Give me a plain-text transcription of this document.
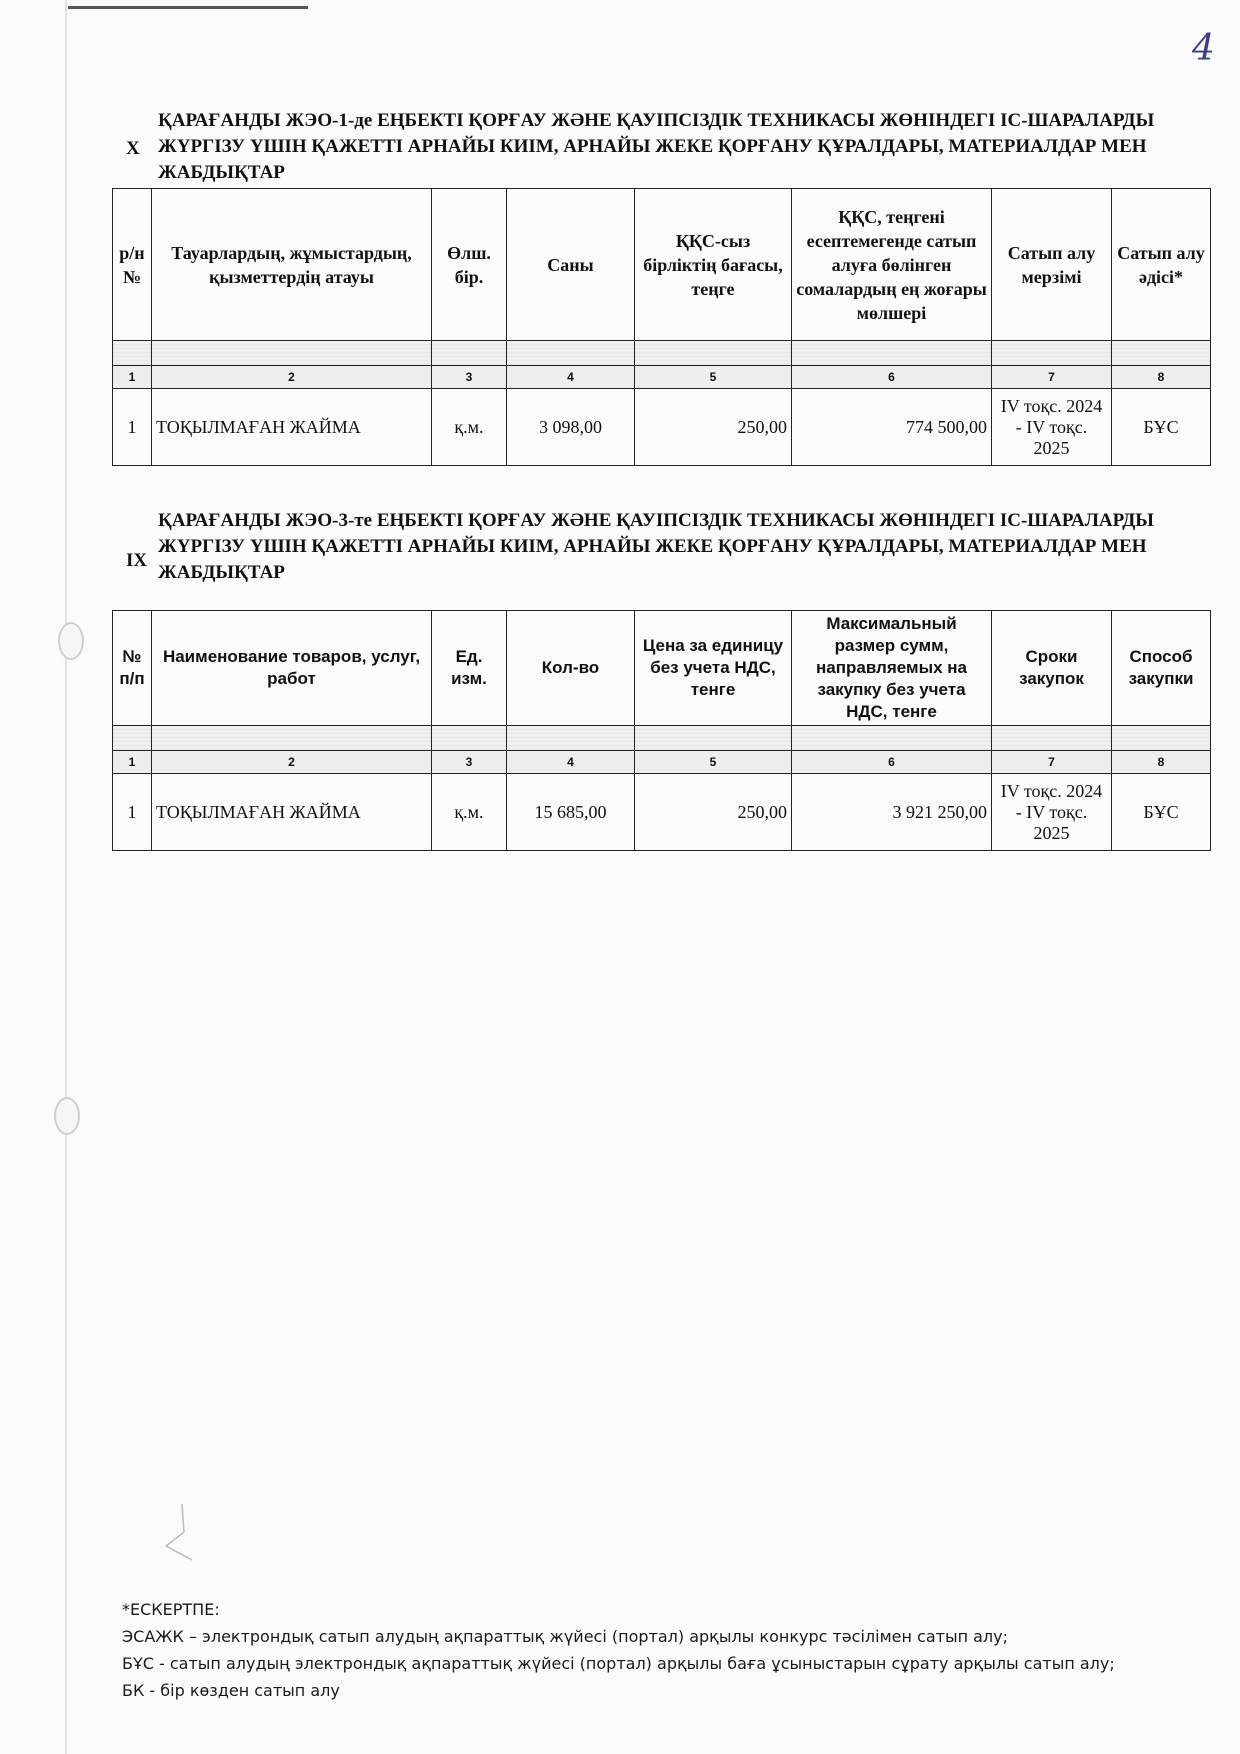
4
X
ҚАРАҒАНДЫ ЖЭО-1-де ЕҢБЕКТІ ҚОРҒАУ ЖӘНЕ ҚАУІПСІЗДІК ТЕХНИКАСЫ ЖӨНІНДЕГІ ІС-ШАРАЛАРДЫ ЖҮРГІЗУ ҮШІН ҚАЖЕТТІ АРНАЙЫ КИІМ, АРНАЙЫ ЖЕКЕ ҚОРҒАНУ ҚҰРАЛДАРЫ, МАТЕРИАЛДАР МЕН ЖАБДЫҚТАР
р/н №	Тауарлардың, жұмыстардың, қызметтердің атауы	Өлш. бір.	Саны	ҚҚС-сыз бірліктің бағасы, теңге	ҚҚС, теңгені есептемегенде сатып алуға бөлінген сомалардың ең жоғары мөлшері	Сатып алу мерзімі	Сатып алу әдісі*

1	2	3	4	5	6	7	8
1	ТОҚЫЛМАҒАН ЖАЙМА	қ.м.	3 098,00	250,00	774 500,00	IV тоқс. 2024 - IV тоқс. 2025	БҰС
IX
ҚАРАҒАНДЫ ЖЭО-3-те ЕҢБЕКТІ ҚОРҒАУ ЖӘНЕ ҚАУІПСІЗДІК ТЕХНИКАСЫ ЖӨНІНДЕГІ ІС-ШАРАЛАРДЫ ЖҮРГІЗУ ҮШІН ҚАЖЕТТІ АРНАЙЫ КИІМ, АРНАЙЫ ЖЕКЕ ҚОРҒАНУ ҚҰРАЛДАРЫ, МАТЕРИАЛДАР МЕН ЖАБДЫҚТАР
№ п/п	Наименование товаров, услуг, работ	Ед. изм.	Кол-во	Цена за единицу без учета НДС, тенге	Максимальный размер сумм, направляемых на закупку без учета НДС, тенге	Сроки закупок	Способ закупки

1	2	3	4	5	6	7	8
1	ТОҚЫЛМАҒАН ЖАЙМА	қ.м.	15 685,00	250,00	3 921 250,00	IV тоқс. 2024 - IV тоқс. 2025	БҰС
*ЕСКЕРТПЕ:
ЭСАЖК – электрондық сатып алудың ақпараттық жүйесі (портал) арқылы конкурс тәсілімен сатып алу;
БҰС - сатып алудың электрондық ақпараттық жүйесі (портал) арқылы баға ұсыныстарын сұрату арқылы сатып алу;
БК - бір көзден сатып алу
